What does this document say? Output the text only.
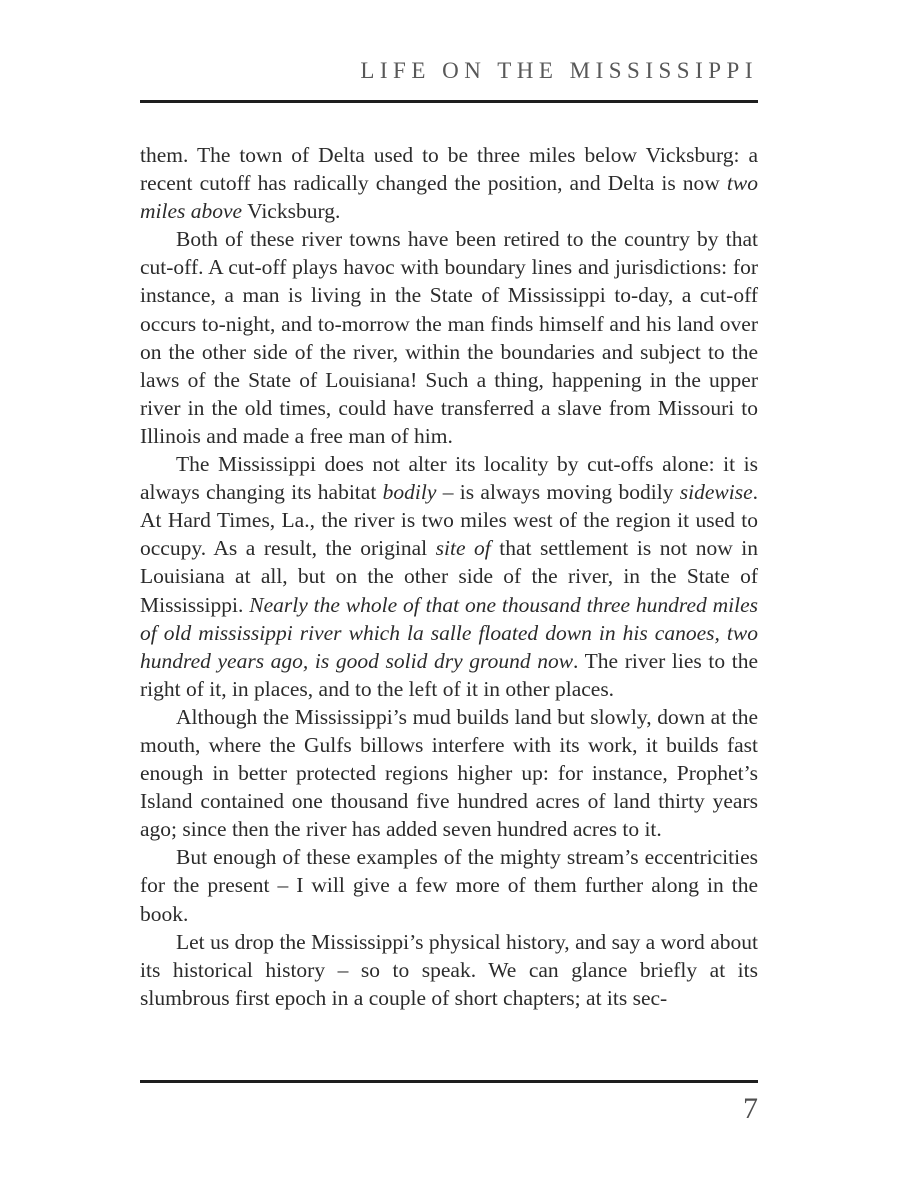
LIFE ON THE MISSISSIPPI

them. The town of Delta used to be three miles below Vicksburg: a recent cutoff has radically changed the position, and Delta is now two miles above Vicksburg.

Both of these river towns have been retired to the country by that cut-off. A cut-off plays havoc with boundary lines and jurisdictions: for instance, a man is living in the State of Mississippi to-day, a cut-off occurs to-night, and to-morrow the man finds himself and his land over on the other side of the river, within the boundaries and subject to the laws of the State of Louisiana! Such a thing, happening in the upper river in the old times, could have transferred a slave from Missouri to Illinois and made a free man of him.

The Mississippi does not alter its locality by cut-offs alone: it is always changing its habitat bodily – is always moving bodily sidewise. At Hard Times, La., the river is two miles west of the region it used to occupy. As a result, the original site of that settlement is not now in Louisiana at all, but on the other side of the river, in the State of Mississippi. Nearly the whole of that one thousand three hundred miles of old mississippi river which la salle floated down in his canoes, two hundred years ago, is good solid dry ground now. The river lies to the right of it, in places, and to the left of it in other places.

Although the Mississippi’s mud builds land but slowly, down at the mouth, where the Gulfs billows interfere with its work, it builds fast enough in better protected regions higher up: for instance, Prophet’s Island contained one thousand five hundred acres of land thirty years ago; since then the river has added seven hundred acres to it.

But enough of these examples of the mighty stream’s eccentricities for the present – I will give a few more of them further along in the book.

Let us drop the Mississippi’s physical history, and say a word about its historical history – so to speak. We can glance briefly at its slumbrous first epoch in a couple of short chapters; at its sec-

7
